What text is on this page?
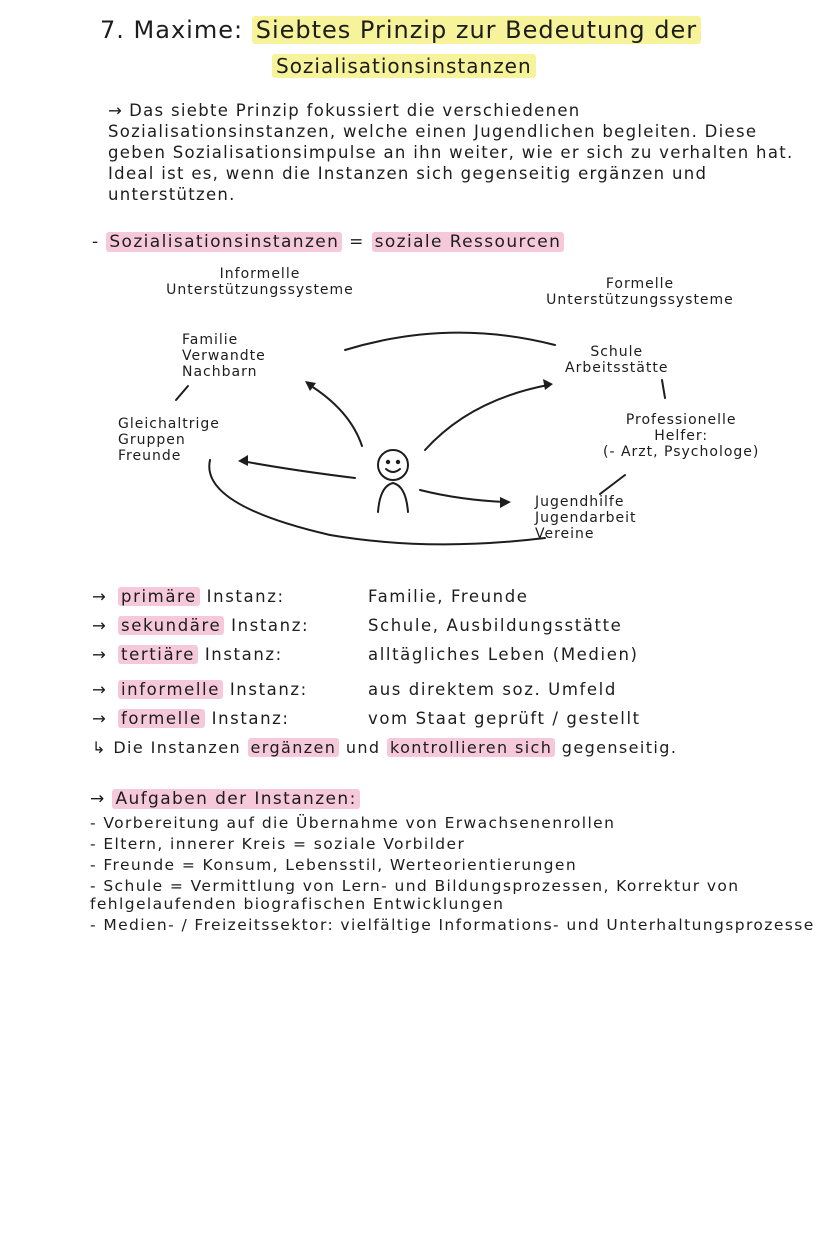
7. Maxime: Siebtes Prinzip zur Bedeutung der
Sozialisationsinstanzen
→ Das siebte Prinzip fokussiert die verschiedenen Sozialisationsinstanzen, welche einen Jugendlichen begleiten. Diese geben Sozialisationsimpulse an ihn weiter, wie er sich zu verhalten hat. Ideal ist es, wenn die Instanzen sich gegenseitig ergänzen und unterstützen.
- Sozialisationsinstanzen = soziale Ressourcen
Informelle
Unterstützungssysteme	Formelle
Unterstützungssysteme
Familie
Verwandte
Nachbarn
Gleichaltrige
Gruppen
Freunde
Schule
Arbeitsstätte
Professionelle
Helfer:
(- Arzt, Psychologe)
Jugendhilfe
Jugendarbeit
Vereine
→ primäre Instanz:	Familie, Freunde
→ sekundäre Instanz:	Schule, Ausbildungsstätte
→ tertiäre Instanz:	alltägliches Leben (Medien)
→ informelle Instanz:	aus direktem soz. Umfeld
→ formelle Instanz:	vom Staat geprüft / gestellt
↳ Die Instanzen ergänzen und kontrollieren sich gegenseitig.
→ Aufgaben der Instanzen:
- Vorbereitung auf die Übernahme von Erwachsenenrollen
- Eltern, innerer Kreis = soziale Vorbilder
- Freunde = Konsum, Lebensstil, Werteorientierungen
- Schule = Vermittlung von Lern- und Bildungsprozessen, Korrektur von fehlgelaufenden biografischen Entwicklungen
- Medien- / Freizeitssektor: vielfältige Informations- und Unterhaltungsprozesse
